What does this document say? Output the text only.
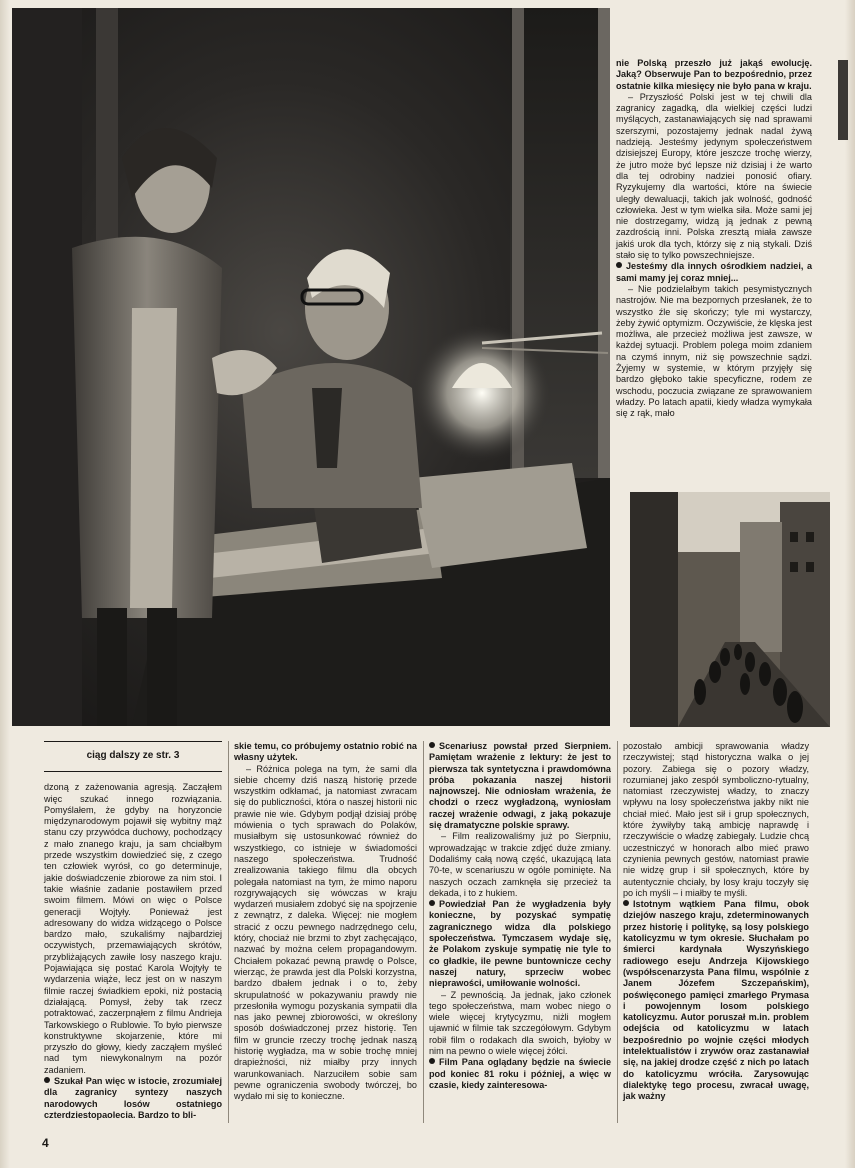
nie Polską przeszło już jakąś ewolucję. Jaką? Obserwuje Pan to bezpośrednio, przez ostatnie kilka miesięcy nie było pana w kraju.

– Przyszłość Polski jest w tej chwili dla zagranicy zagadką, dla wielkiej części ludzi myślących, zastanawiających się nad sprawami szerszymi, pozostajemy jednak nadal żywą nadzieją. Jesteśmy jedynym społeczeństwem dzisiejszej Europy, które jeszcze trochę wierzy, że jutro może być lepsze niż dzisiaj i że warto dla tej odrobiny nadziei ponosić ofiary. Ryzykujemy dla wartości, które na świecie uległy dewaluacji, takich jak wolność, godność człowieka. Jest w tym wielka siła. Może sami jej nie dostrzegamy, widzą ją jednak z pewną zazdrością inni. Polska zresztą miała zawsze jakiś urok dla tych, którzy się z nią stykali. Dziś stało się to tylko powszechniejsze.

Jesteśmy dla innych ośrodkiem nadziei, a sami mamy jej coraz mniej...

– Nie podzielałbym takich pesymistycznych nastrojów. Nie ma bezpornych przesłanek, że to wszystko źle się skończy; tyle mi wystarczy, żeby żywić optymizm. Oczywiście, że klęska jest możliwa, ale przecież możliwa jest zawsze, w każdej sytuacji. Problem polega moim zdaniem na czymś innym, niż się powszechnie sądzi. Żyjemy w systemie, w którym przyjęły się bardzo głęboko takie specyficzne, rodem ze wschodu, poczucia związane ze sprawowaniem władzy. Po latach apatii, kiedy władza wymykała się z rąk, mało

ciąg dalszy ze str. 3

dzoną z zażenowania agresją. Zacząłem więc szukać innego rozwiązania. Pomyślałem, że gdyby na horyzoncie międzynarodowym pojawił się wybitny mąż stanu czy przywódca duchowy, pochodzący z mało znanego kraju, ja sam chciałbym przede wszystkim dowiedzieć się, z czego ten człowiek wyrósł, co go determinuje, jakie doświadczenie zbiorowe za nim stoi. I takie właśnie zadanie postawiłem przed swoim filmem. Mówi on więc o Polsce generacji Wojtyły. Ponieważ jest adresowany do widza widzącego o Polsce bardzo mało, szukaliśmy najbardziej oczywistych, przemawiających skrótów, przybliżających zawiłe losy naszego kraju. Pojawiająca się postać Karola Wojtyły te wydarzenia wiąże, lecz jest on w naszym filmie raczej świadkiem epoki, niż postacią działającą. Pomysł, żeby tak rzecz potraktować, zaczerpnąłem z filmu Andrieja Tarkowskiego o Rublowie. To było pierwsze konstruktywne skojarzenie, które mi przyszło do głowy, kiedy zacząłem myśleć nad tym niewykonalnym na pozór zadaniem.

Szukał Pan więc w istocie, zrozumiałej dla zagranicy syntezy naszych narodowych losów ostatniego czterdziestopaolecia. Bardzo to bli-

skie temu, co próbujemy ostatnio robić na własny użytek.

– Różnica polega na tym, że sami dla siebie chcemy dziś naszą historię przede wszystkim odkłamać, ja natomiast zwracam się do publiczności, która o naszej historii nic prawie nie wie. Gdybym podjął dzisiaj próbę mówienia o tych sprawach do Polaków, musiałbym się ustosunkować również do wszystkiego, co istnieje w świadomości naszego społeczeństwa. Trudność zrealizowania takiego filmu dla obcych polegała natomiast na tym, że mimo naporu rozgrywających się wówczas w kraju wydarzeń musiałem zdobyć się na spojrzenie z zewnątrz, z daleka. Więcej: nie mogłem stracić z oczu pewnego nadrzędnego celu, który, chociaż nie brzmi to zbyt zachęcająco, nazwać by można celem propagandowym. Chciałem pokazać pewną prawdę o Polsce, wierząc, że prawda jest dla Polski korzystna, bardzo dbałem jednak i o to, żeby skrupulatność w pokazywaniu prawdy nie przesłoniła wymogu pozyskania sympatii dla nas jako pewnej zbiorowości, w określony sposób doświadczonej przez historię. Ten film w gruncie rzeczy trochę jednak naszą historię wygładza, ma w sobie trochę mniej drapieżności, niż miałby przy innych warunkowaniach. Narzuciłem sobie sam pewne ograniczenia swobody twórczej, bo wydało mi się to konieczne.

Scenariusz powstał przed Sierpniem. Pamiętam wrażenie z lektury: że jest to pierwsza tak syntetyczna i prawdomówna próba pokazania naszej historii najnowszej. Nie odniosłam wrażenia, że chodzi o rzecz wygładzoną, wyniosłam raczej wrażenie odwagi, z jaką pokazuje się dramatyczne polskie sprawy.

– Film realizowaliśmy już po Sierpniu, wprowadzając w trakcie zdjęć duże zmiany. Dodaliśmy całą nową część, ukazującą lata 70-te, w scenariuszu w ogóle pominięte. Na naszych oczach zamknęła się przecież ta dekada, i to z hukiem.

Powiedział Pan że wygładzenia były konieczne, by pozyskać sympatię zagranicznego widza dla polskiego społeczeństwa. Tymczasem wydaje się, że Polakom zyskuje sympatię nie tyle to co gładkie, ile pewne buntownicze cechy naszej natury, sprzeciw wobec nieprawości, umiłowanie wolności.

– Z pewnością. Ja jednak, jako członek tego społeczeństwa, mam wobec niego o wiele więcej krytycyzmu, niżli mogłem ujawnić w filmie tak szczegółowym. Gdybym robił film o rodakach dla swoich, byłoby w nim na pewno o wiele więcej żółci.

Film Pana oglądany będzie na świecie pod koniec 81 roku i później, a więc w czasie, kiedy zainteresowa-

pozostało ambicji sprawowania władzy rzeczywistej; stąd historyczna walka o jej pozory. Zabiega się o pozory władzy, rozumianej jako zespół symboliczno-rytualny, natomiast rzeczywistej władzy, to znaczy wpływu na losy społeczeństwa jakby nikt nie chciał mieć. Mało jest sił i grup społecznych, które żywiłyby taką ambicję naprawdę i rzeczywiście o władzę zabiegały. Ludzie chcą uczestniczyć w honorach albo mieć prawo czynienia pewnych gestów, natomiast prawie nie widzę grup i sił społecznych, które by autentycznie chciały, by losy kraju toczyły się po ich myśli – i miałby te myśli.

Istotnym wątkiem Pana filmu, obok dziejów naszego kraju, zdeterminowanych przez historię i politykę, są losy polskiego katolicyzmu w tym okresie. Słuchałam po śmierci kardynała Wyszyńskiego radiowego eseju Andrzeja Kijowskiego (współscenarzysta Pana filmu, wspólnie z Janem Józefem Szczepańskim), poświęconego pamięci zmarłego Prymasa i powojennym losom polskiego katolicyzmu. Autor poruszał m.in. problem odejścia od katolicyzmu w latach bezpośrednio po wojnie części młodych intelektualistów i zrywów oraz zastanawiał się, na jakiej drodze część z nich po latach do katolicyzmu wróciła. Zarysowując dialektykę tego procesu, zwracał uwagę, jak ważny

4
